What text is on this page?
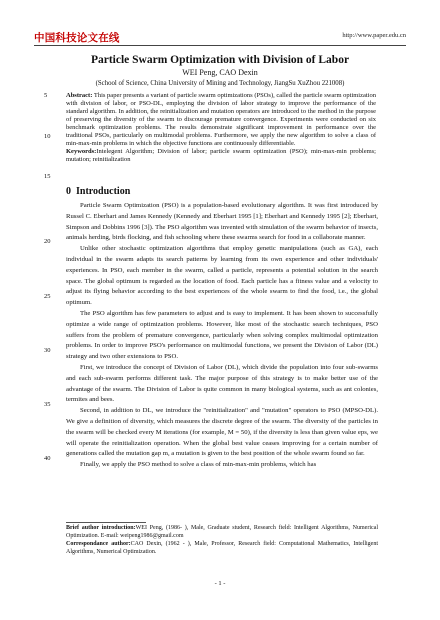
中国科技论文在线	http://www.paper.edu.cn
Particle Swarm Optimization with Division of Labor
WEI Peng, CAO Dexin
(School of Science, China University of Mining and Technology, JiangSu XuZhou 221008)
Abstract: This paper presents a variant of particle swarm optimizations (PSOs), called the particle swarm optimization with division of labor, or PSO-DL, employing the division of labor strategy to improve the performance of the standard algorithm. In addition, the reinitialization and mutation operators are introduced to the method in the purpose of preserving the diversity of the swarm to discourage premature convergence. Experiments were conducted on six benchmark optimization problems. The results demonstrate significant improvement in performance over the traditional PSOs, particularly on multimodal problems. Furthermore, we apply the new algorithm to solve a class of min-max-min problems in which the objective functions are continuously differentiable.
Keywords:Intelegent Algorithm; Division of labor; particle swarm optimization (PSO); min-max-min problems; mutation; reinitialization
5
10
15
20
25
30
35
40
0 Introduction

Particle Swarm Optimization (PSO) is a population-based evolutionary algorithm. It was first introduced by Russel C. Eberhart and James Kennedy (Kennedy and Eberhart 1995 [1]; Eberhart and Kennedy 1995 [2]; Eberhart, Simpson and Dobbins 1996 [3]). The PSO algorithm was invented with simulation of the swarm behavior of insects, animals herding, birds flocking, and fish schooling where these swarms search for food in a collaborate manner.

Unlike other stochastic optimization algorithms that employ genetic manipulations (such as GA), each individual in the swarm adapts its search patterns by learning from its own experience and other individuals' experiences. In PSO, each member in the swarm, called a particle, represents a potential solution in the search space. The global optimum is regarded as the location of food. Each particle has a fitness value and a velocity to adjust its flying behavior according to the best experiences of the whole swarm to find the food, i.e., the global optimum.

The PSO algorithm has few parameters to adjust and is easy to implement. It has been shown to successfully optimize a wide range of optimization problems. However, like most of the stochastic search techniques, PSO suffers from the problem of premature convergence, particularly when solving complex multimodal optimization problems. In order to improve PSO's performance on multimodal functions, we present the Division of Labor (DL) strategy and two other extensions to PSO.

First, we introduce the concept of Division of Labor (DL), which divide the population into four sub-swarms and each sub-swarm performs different task. The major purpose of this strategy is to make better use of the advantage of the swarm. The Division of Labor is quite common in many biological systems, such as ant colonies, termites and bees.

Second, in addition to DL, we introduce the "reinitialization" and "mutation" operators to PSO (MPSO-DL). We give a definition of diversity, which measures the discrete degree of the swarm. The diversity of the particles in the swarm will be checked every M iterations (for example, M = 50), if the diversity is less than given value eps, we will operate the reinitialization operation. When the global best value ceases improving for a certain number of generations called the mutation gap m, a mutation is given to the best position of the whole swarm found so far.

Finally, we apply the PSO method to solve a class of min-max-min problems, which has

Brief author introduction:WEI Peng, (1986- ), Male, Graduate student, Research field: Intelligent Algorithms, Numerical Optimization. E-mail: weipeng1986@gmail.com

Correspondance author:CAO Dexin, (1962 - ), Male, Professor, Research field: Computational Mathematics, Intelligent Algorithms, Numerical Optimization.

- 1 -
